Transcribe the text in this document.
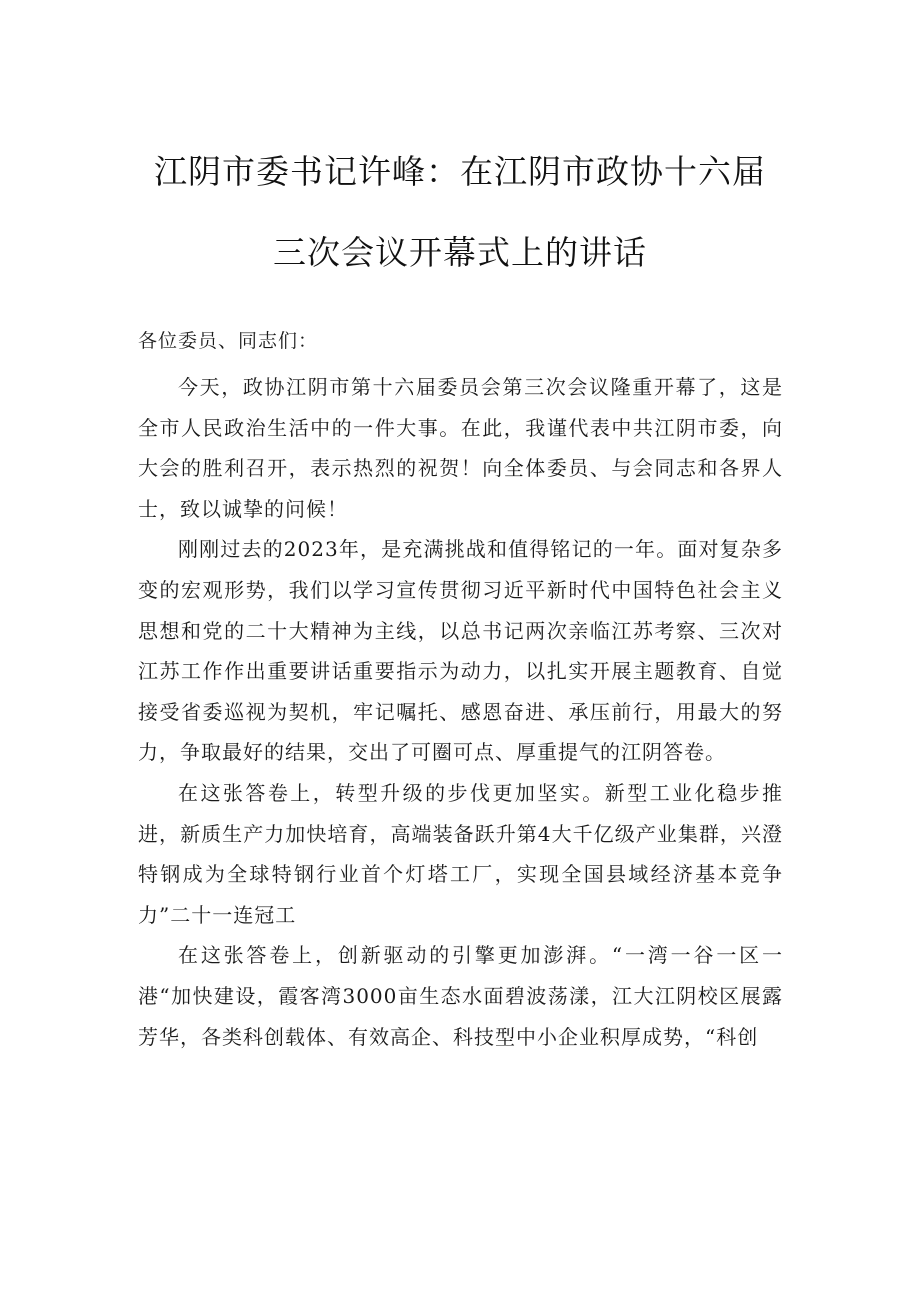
江阴市委书记许峰：在江阴市政协十六届
三次会议开幕式上的讲话
各位委员、同志们：

今天，政协江阴市第十六届委员会第三次会议隆重开幕了，这是全市人民政治生活中的一件大事。在此，我谨代表中共江阴市委，向大会的胜利召开，表示热烈的祝贺！向全体委员、与会同志和各界人士，致以诚挚的问候！

刚刚过去的2023年，是充满挑战和值得铭记的一年。面对复杂多变的宏观形势，我们以学习宣传贯彻习近平新时代中国特色社会主义思想和党的二十大精神为主线，以总书记两次亲临江苏考察、三次对江苏工作作出重要讲话重要指示为动力，以扎实开展主题教育、自觉接受省委巡视为契机，牢记嘱托、感恩奋进、承压前行，用最大的努力，争取最好的结果，交出了可圈可点、厚重提气的江阴答卷。

在这张答卷上，转型升级的步伐更加坚实。新型工业化稳步推进，新质生产力加快培育，高端装备跃升第4大千亿级产业集群，兴澄特钢成为全球特钢行业首个灯塔工厂，实现全国县域经济基本竞争力”二十一连冠工

在这张答卷上，创新驱动的引擎更加澎湃。“一湾一谷一区一港“加快建设，霞客湾3000亩生态水面碧波荡漾，江大江阴校区展露芳华，各类科创载体、有效高企、科技型中小企业积厚成势，“科创
